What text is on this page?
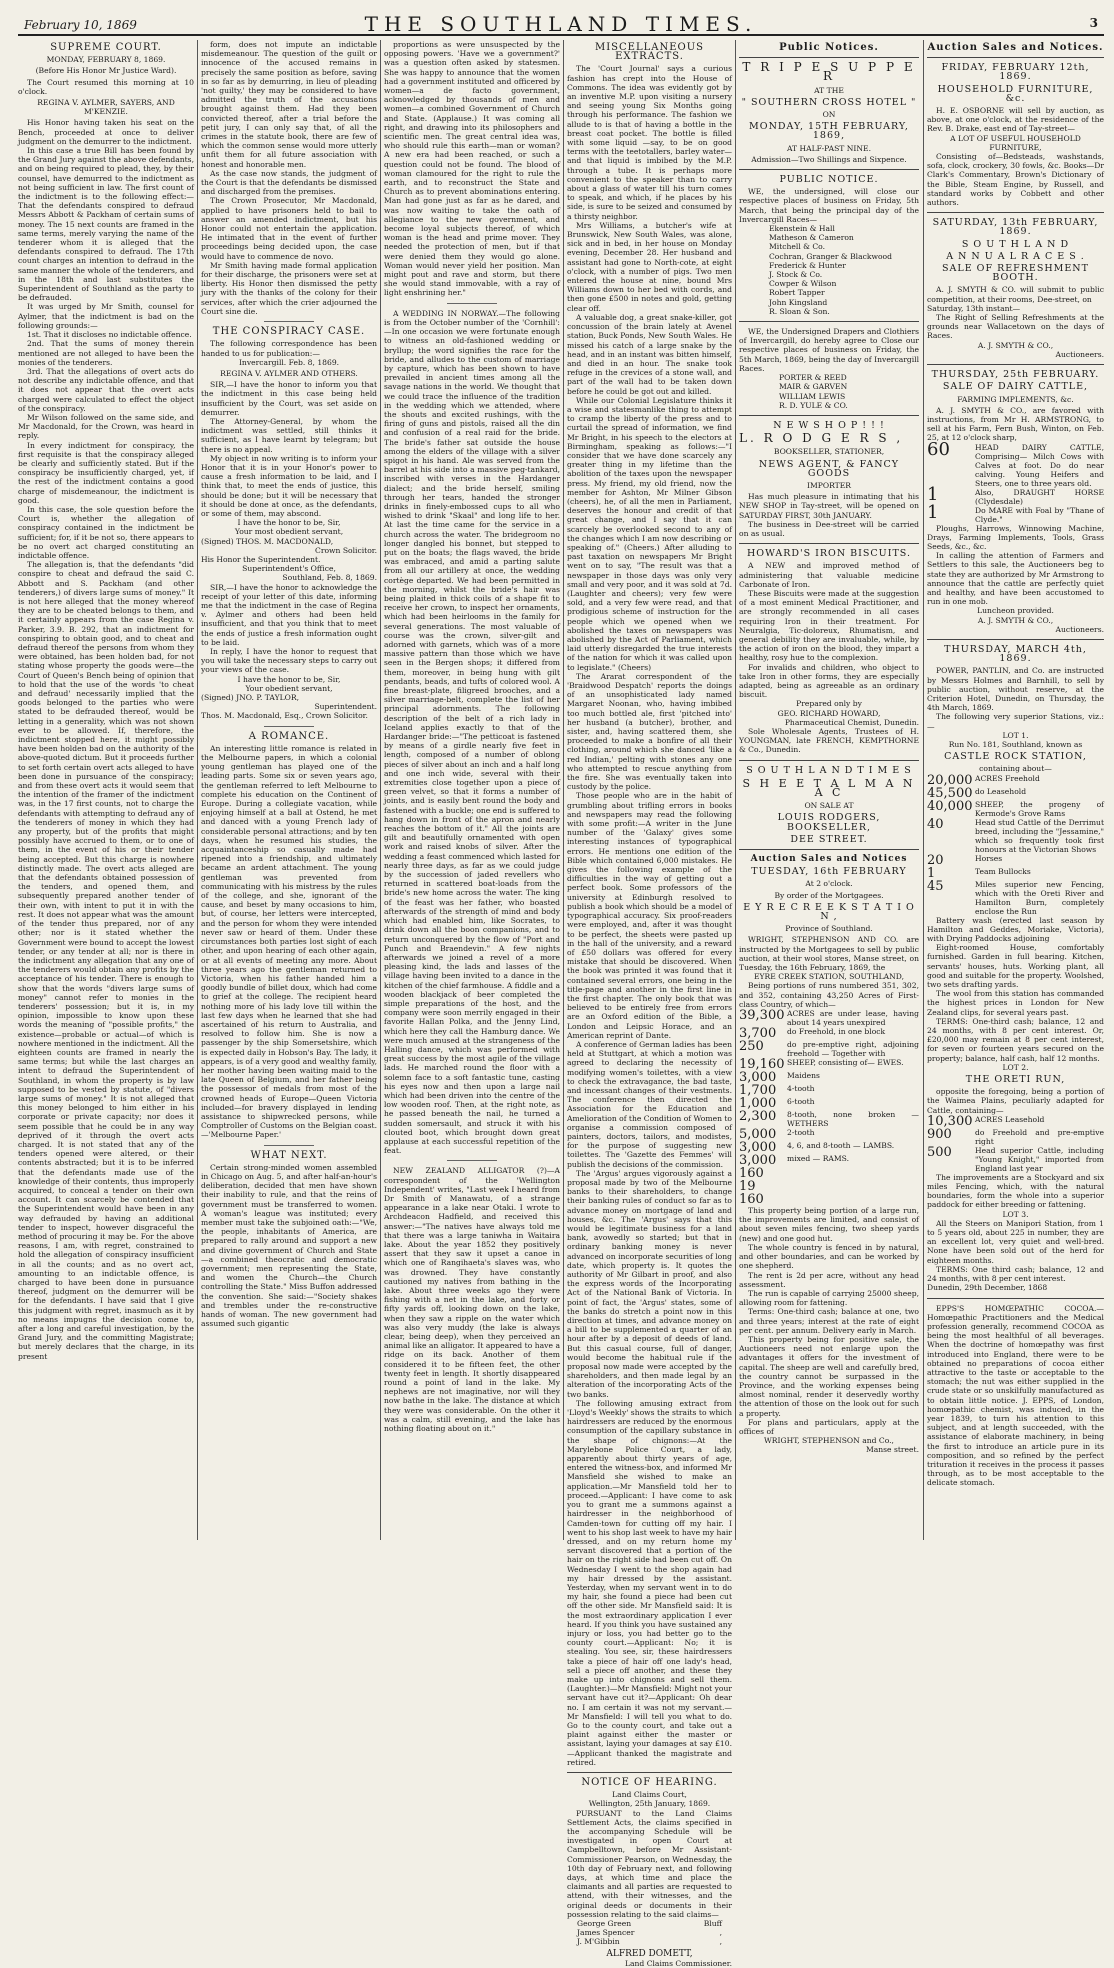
February 10, 1869	THE SOUTHLAND TIMES.	3
SUPREME COURT.
MONDAY, FEBRUARY 8, 1869.
(Before His Honor Mr Justice Ward).

The Court resumed this morning at 10 o'clock.

REGINA V. AYLMER, SAYERS, AND M'KENZIE.

His Honor having taken his seat on the Bench, proceeded at once to deliver judgment on the demurrer to the indictment.

In this case a true Bill has been found by the Grand Jury against the above defendants, and on being required to plead, they, by their counsel, have demurred to the indictment as not being sufficient in law. The first count of the indictment is to the following effect:—That the defendants conspired to defraud Messrs Abbott & Packham of certain sums of money. The 15 next counts are framed in the same terms, merely varying the name of the tenderer whom it is alleged that the defendants conspired to defraud. The 17th count charges an intention to defraud in the same manner the whole of the tenderers, and in the 18th and last substitutes the Superintendent of Southland as the party to be defrauded.

It was urged by Mr Smith, counsel for Aylmer, that the indictment is bad on the following grounds:—

1st. That it discloses no indictable offence.

2nd. That the sums of money therein mentioned are not alleged to have been the monies of the tenderers.

3rd. That the allegations of overt acts do not describe any indictable offence, and that it does not appear that the overt acts charged were calculated to effect the object of the conspiracy.

Mr Wilson followed on the same side, and Mr Macdonald, for the Crown, was heard in reply.

In every indictment for conspiracy, the first requisite is that the conspiracy alleged be clearly and sufficiently stated. But if the conspiracy be insufficiently charged, yet, if the rest of the indictment contains a good charge of misdemeanour, the indictment is good.

In this case, the sole question before the Court is, whether the allegation of conspiracy contained in the indictment be sufficient; for, if it be not so, there appears to be no overt act charged constituting an indictable offence.

The allegation is, that the defendants "did conspire to cheat and defraud the said C. Abbott and S. Packham (and other tenderers,) of divers large sums of money." It is not here alleged that the money whereof they are to be cheated belongs to them, and it certainly appears from the case Regina v. Parker, 3.9. B. 292, that an indictment for conspiring to obtain good, and to cheat and defraud thereof the persons from whom they were obtained, has been holden bad, for not stating whose property the goods were—the Court of Queen's Bench being of opinion that to hold that the use of the words 'to cheat and defraud' necessarily implied that the goods belonged to the parties who were stated to be defrauded thereof, would be letting in a generality, which was not shown ever to be allowed. If, therefore, the indictment stopped here, it might possibly have been holden bad on the authority of the above-quoted dictum. But it proceeds further to set forth certain overt acts alleged to have been done in pursuance of the conspiracy; and from these overt acts it would seem that the intention of the framer of the indictment was, in the 17 first counts, not to charge the defendants with attempting to defraud any of the tenderers of money in which they had any property, but of the profits that might possibly have accrued to them, or to one of them, in the event of his or their tender being accepted. But this charge is nowhere distinctly made. The overt acts alleged are that the defendants obtained possession of the tenders, and opened them, and subsequently prepared another tender of their own, with intent to put it in with the rest. It does not appear what was the amount of the tender thus prepared, nor of any other; nor is it stated whether the Government were bound to accept the lowest tender, or any tender at all; nor is there in the indictment any allegation that any one of the tenderers would obtain any profits by the acceptance of his tender. There is enough to show that the words "divers large sums of money" cannot refer to monies in the tenderers' possession; but it is, in my opinion, impossible to know upon these words the meaning of "possible profits," the existence—probable or actual—of which is nowhere mentioned in the indictment. All the eighteen counts are framed in nearly the same terms; but while the last charges an intent to defraud the Superintendent of Southland, in whom the property is by law supposed to be vested by statute, of "divers large sums of money." It is not alleged that this money belonged to him either in his corporate or private capacity; nor does it seem possible that he could be in any way deprived of it through the overt acts charged. It is not stated that any of the tenders opened were altered, or their contents abstracted; but it is to be inferred that the defendants made use of the knowledge of their contents, thus improperly acquired, to conceal a tender on their own account. It can scarcely be contended that the Superintendent would have been in any way defrauded by having an additional tender to inspect, however disgraceful the method of procuring it may be. For the above reasons, I am, with regret, constrained to hold the allegation of conspiracy insufficient in all the counts; and as no overt act, amounting to an indictable offence, is charged to have been done in pursuance thereof, judgment on the demurrer will be for the defendants. I have said that I give this judgment with regret, inasmuch as it by no means impugns the decision come to, after a long and careful investigation, by the Grand Jury, and the committing Magistrate; but merely declares that the charge, in its present

form, does not impute an indictable misdemeanour. The question of the guilt or innocence of the accused remains in precisely the same position as before, saving in so far as by demurring, in lieu of pleading 'not guilty,' they may be considered to have admitted the truth of the accusations brought against them. Had they been convicted thereof, after a trial before the petit jury, I can only say that, of all the crimes in the statute book, there are few of which the common sense would more utterly unfit them for all future association with honest and honorable men.

As the case now stands, the judgment of the Court is that the defendants be dismissed and discharged from the premises.

The Crown Prosecutor, Mr Macdonald, applied to have prisoners held to bail to answer an amended indictment, but his Honor could not entertain the application. He intimated that in the event of further proceedings being decided upon, the case would have to commence de novo.

Mr Smith having made formal application for their discharge, the prisoners were set at liberty. His Honor then dismissed the petty jury with the thanks of the colony for their services, after which the crier adjourned the Court sine die.

THE CONSPIRACY CASE.

The following correspondence has been handed to us for publication:—

Invercargill. Feb. 8, 1869.
REGINA V. AYLMER AND OTHERS.

SIR,—I have the honor to inform you that the indictment in this case being held insufficient by the Court, was set aside on demurrer.

The Attorney-General, by whom the indictment was settled, still thinks it sufficient, as I have learnt by telegram; but there is no appeal.

My object in now writing is to inform your Honor that it is in your Honor's power to cause a fresh information to be laid, and I think that, to meet the ends of justice, this should be done; but it will be necessary that it should be done at once, as the defendants, or some of them, may abscond.

I have the honor to be, Sir,
Your most obedient servant,
(Signed) THOS. M. MACDONALD,
Crown Solicitor.
His Honor the Superintendent.
Superintendent's Office,
Southland, Feb. 8, 1869.

SIR,—I have the honor to acknowledge the receipt of your letter of this date, informing me that the indictment in the case of Regina v. Aylmer and others had been held insufficient, and that you think that to meet the ends of justice a fresh information ought to be laid.

In reply, I have the honor to request that you will take the necessary steps to carry out your views of the case.

I have the honor to be, Sir,
Your obedient servant,
(Signed) JNO. P. TAYLOR,
Superintendent.
Thos. M. Macdonald, Esq., Crown Solicitor.
A ROMANCE.

An interesting little romance is related in the Melbourne papers, in which a colonial young gentleman has played one of the leading parts. Some six or seven years ago, the gentleman referred to left Melbourne to complete his education on the Continent of Europe. During a collegiate vacation, while enjoying himself at a ball at Ostend, he met and danced with a young French lady of considerable personal attractions; and by ten days, when he resumed his studies, the acquaintanceship so casually made had ripened into a friendship, and ultimately became an ardent attachment. The young gentleman was prevented from communicating with his mistress by the rules of the college, and she, ignorant of the cause, and beset by many occasions to him, but, of course, her letters were intercepted, and the person for whom they were intended never saw or heard of them. Under these circumstances both parties lost sight of each other, and upon hearing of each other again, or at all events of meeting any more. About three years ago the gentleman returned to Victoria, when his father handed him a goodly bundle of billet doux, which had come to grief at the college. The recipient heard nothing more of his lady love till within the last few days when he learned that she had ascertained of his return to Australia, and resolved to follow him. She is now a passenger by the ship Somersetshire, which is expected daily in Hobson's Bay. The lady, it appears, is of a very good and wealthy family, her mother having been waiting maid to the late Queen of Belgium, and her father being the possessor of medals from most of the crowned heads of Europe—Queen Victoria included—for bravery displayed in lending assistance to shipwrecked persons, while Comptroller of Customs on the Belgian coast.—'Melbourne Paper.'

WHAT NEXT.

Certain strong-minded women assembled in Chicago on Aug. 5, and after half-an-hour's deliberation, decided that men have shown their inability to rule, and that the reins of government must be transferred to women. A woman's league was instituted; every member must take the subjoined oath:—"We, the people, inhabitants of America, are prepared to rally around and support a new and divine government of Church and State—a combined theocratic and democratic government; men representing the State, and women the Church—the Church controlling the State." Miss Buffon addressed the convention. She said:—"Society shakes and trembles under the re-constructive hands of woman. The new government had assumed such gigantic

proportions as were unsuspected by the opposing powers. 'Have we a government?' was a question often asked by statesmen. She was happy to announce that the women had a government instituted and officered by women—a de facto government, acknowledged by thousands of men and women—a combined Government of Church and State. (Applause.) It was coming all right, and drawing into its philosophers and scientific men. The great central idea was, who should rule this earth—man or woman? A new era had been reached, or such a question could not be found. The blood of woman clamoured for the right to rule the earth, and to reconstruct the State and Church as to prevent abominations entering. Man had gone just as far as he dared, and was now waiting to take the oath of allegiance to the new government, and become loyal subjects thereof, of which woman is the head and prime mover. They needed the protection of men, but if that were denied them they would go alone. Woman would never yield her position. Man might pout and rave and storm, but there she would stand immovable, with a ray of light enshrining her."

A WEDDING IN NORWAY.—The following is from the October number of the 'Cornhill':—In one occasion we were fortunate enough to witness an old-fashioned wedding or bryllup; the word signifies the race for the bride, and alludes to the custom of marriage by capture, which has been shown to have prevailed in ancient times among all the savage nations in the world. We thought that we could trace the influence of the tradition in the wedding which we attended, where the shouts and excited rushings, with the firing of guns and pistols, raised all the din and confusion of a real raid for the bride. The bride's father sat outside the house among the elders of the village with a silver spigot in his hand. Ale was served from the barrel at his side into a massive peg-tankard, inscribed with verses in the Hardanger dialect; and the bride herself, smiling through her tears, handed the stronger drinks in finely-embossed cups to all who wished to drink "Skaal" and long life to her. At last the time came for the service in a church across the water. The bridegroom no longer dangled his bonnet, but stepped to put on the boats; the flags waved, the bride was embraced, and amid a parting salute from all our artillery at once, the wedding cortège departed. We had been permitted in the morning, whilst the bride's hair was being plaited in thick coils of a shape fit to receive her crown, to inspect her ornaments, which had been heirlooms in the family for several generations. The most valuable of course was the crown, silver-gilt and adorned with garnets, which was of a more massive pattern than those which we have seen in the Bergen shops; it differed from them, moreover, in being hung with gilt pendants, beads, and tufts of colored wool. A fine breast-plate, filigreed brooches, and a silver marriage-belt, complete the list of her principal adornments. The following description of the belt of a rich lady in Iceland applies exactly to that of the Hardanger bride:—"The petticoat is fastened by means of a girdle nearly five feet in length, composed of a number of oblong pieces of silver about an inch and a half long and one inch wide, several with their extremities close together upon a piece of green velvet, so that it forms a number of joints, and is easily bent round the body and fastened with a buckle; one end is suffered to hang down in front of the apron and nearly reaches the bottom of it." All the joints are gilt and beautifully ornamented with open work and raised knobs of silver. After the wedding a feast commenced which lasted for nearly three days, as far as we could judge by the succession of jaded revellers who returned in scattered boat-loads from the bride's new home across the water. The king of the feast was her father, who boasted afterwards of the strength of mind and body which had enabled him, like Socrates, to drink down all the boon companions, and to return unconquered by the flow of "Port and Punch and Braendevin." A few nights afterwards we joined a revel of a more pleasing kind, the lads and lasses of the village having been invited to a dance in the kitchen of the chief farmhouse. A fiddle and a wooden blackjack of beer completed the simple preparations of the host, and the company were soon merrily engaged in their favorite Hallan Polka, and the Jenny Lind, which here they call the Hamburg dance. We were much amused at the strangeness of the Halling dance, which was performed with great success by the most agile of the village lads. He marched round the floor with a solemn face to a soft fantastic tune, casting his eyes now and then upon a large nail which had been driven into the centre of the low wooden roof. Then, at the right note, as he passed beneath the nail, he turned a sudden somersault, and struck it with his clouted boot, which brought down great applause at each successful repetition of the feat.

NEW ZEALAND ALLIGATOR (?)—A correspondent of the 'Wellington Independent' writes, "Last week I heard from Dr Smith of Manawatu, of a strange appearance in a lake near Otaki. I wrote to Archdeacon Hadfield, and received this answer:—"The natives have always told me that there was a large taniwha in Waitaira lake. About the year 1852 they positively assert that they saw it upset a canoe in which one of Rangihaeta's slaves was, who was drowned. They have constantly cautioned my natives from bathing in the lake. About three weeks ago they were fishing with a net in the lake, and forty or fifty yards off, looking down on the lake, when they saw a ripple on the water which was also very muddy (the lake is always clear, being deep), when they perceived an animal like an alligator. It appeared to have a ridge on its back. Another of them considered it to be fifteen feet, the other twenty feet in length. It shortly disappeared round a point of land in the lake. My nephews are not imaginative, nor will they now bathe in the lake. The distance at which they were was considerable. On the other it was a calm, still evening, and the lake has nothing floating about on it."

MISCELLANEOUS EXTRACTS.

The 'Court Journal' says a curious fashion has crept into the House of Commons. The idea was evidently got by an inventive M.P. upon visiting a nursery and seeing young Six Months going through his performance. The fashion we allude to is that of having a bottle in the breast coat pocket. The bottle is filled with some liquid —say, to be on good terms with the teetotallers, barley water—and that liquid is imbibed by the M.P. through a tube. It is perhaps more convenient to the speaker than to carry about a glass of water till his turn comes to speak, and which, if he places by his side, is sure to be seized and consumed by a thirsty neighbor.

Mrs Williams, a butcher's wife at Brunswick, New South Wales, was alone, sick and in bed, in her house on Monday evening, December 28. Her husband and assistant had gone to North-cote, at eight o'clock, with a number of pigs. Two men entered the house at nine, bound Mrs Williams down to her bed with cords, and then gone £500 in notes and gold, getting clear off.

A valuable dog, a great snake-killer, got concussion of the brain lately at Avenel station, Buck Ponds, New South Wales. He missed his catch of a large snake by the head, and in an instant was bitten himself, and died in an hour. The snake took refuge in the crevices of a stone wall, and part of the wall had to be taken down before he could be got out and killed.

While our Colonial Legislature thinks it a wise and statesmanlike thing to attempt to cramp the liberty of the press and to curtail the spread of information, we find Mr Bright, in his speech to the electors at Birmingham, speaking as follows:—"I consider that we have done scarcely any greater thing in my lifetime than the abolition of the taxes upon the newspaper press. My friend, my old friend, now the member for Ashton, Mr Milner Gibson (cheers), he, of all the men in Parliament, deserves the honour and credit of that great change, and I say that it can scarcely be overlooked second to any of the changes which I am now describing or speaking of." (Cheers.) After alluding to past taxation on newspapers Mr Bright went on to say, "The result was that a newspaper in those days was only very small and very poor, and it was sold at 7d. (Laughter and cheers); very few were sold, and a very few were read, and that prodigious scheme of instruction for the people which we opened when we abolished the taxes on newspapers was abolished by the Act of Parliament, which laid utterly disregarded the true interests of the nation for which it was called upon to legislate." (Cheers)

The Ararat correspondent of the 'Braidwood Despatch' reports the doings of an unsophisticated lady named Margaret Noonan, who, having imbibed too much bottled ale, first 'pitched into' her husband (a butcher), brother, and sister, and, having scattered them, she proceeded to make a bonfire of all their clothing, around which she danced 'like a red Indian,' pelting with stones any one who attempted to rescue anything from the fire. She was eventually taken into custody by the police.

Those people who are in the habit of grumbling about trifling errors in books and newspapers may read the following with some profit:—A writer in the June number of the 'Galaxy' gives some interesting instances of typographical errors. He mentions one edition of the Bible which contained 6,000 mistakes. He gives the following example of the difficulties in the way of getting out a perfect book. Some professors of the university at Edinburgh resolved to publish a book which should be a model of typographical accuracy. Six proof-readers were employed, and, after it was thought to be perfect, the sheets were pasted up in the hall of the university, and a reward of £50 dollars was offered for every mistake that should be discovered. When the book was printed it was found that it contained several errors, one being in the title-page and another in the first line in the first chapter. The only book that was believed to be entirely free from errors are an Oxford edition of the Bible, a London and Leipsic Horace, and an American reprint of Dante.

A conference of German ladies has been held at Stuttgart, at which a motion was agreed to declaring the necessity of modifying women's toilettes, with a view to check the extravagance, the bad taste, and incessant changes of their vestments. The conference then directed the Association for the Education and Amelioration of the Condition of Women to organise a commission composed of painters, doctors, tailors, and modistes, for the purpose of suggesting new toilettes. The 'Gazette des Femmes' will publish the decisions of the commission.

The 'Argus' argues vigorously against a proposal made by two of the Melbourne banks to their shareholders, to change their banking rules of conduct so far as to advance money on mortgage of land and houses, &c. The 'Argus' says that this would be legitimate business for a land bank, avowedly so started; but that in ordinary banking money is never advanced on incorporate securities of long date, which property is. It quotes the authority of Mr Gilbart in proof, and also the express words of the Incorporating Act of the National Bank of Victoria. In point of fact, the 'Argus' states, some of the banks do stretch a point now in this direction at times, and advance money on a bill to be supplemented a quarter of an hour after by a deposit of deeds of land. But this casual course, full of danger, would become the habitual rule if the proposal now made were accepted by the shareholders, and then made legal by an alteration of the incorporating Acts of the two banks.

The following amusing extract from 'Lloyd's Weekly' shows the straits to which hairdressers are reduced by the enormous consumption of the capillary substance in the shape of chignons:—At the Marylebone Police Court, a lady, apparently about thirty years of age, entered the witness-box, and informed Mr Mansfield she wished to make an application.—Mr Mansfield told her to proceed.—Applicant: I have come to ask you to grant me a summons against a hairdresser in the neighborhood of Camden-town for cutting off my hair. I went to his shop last week to have my hair dressed, and on my return home my servant discovered that a portion of the hair on the right side had been cut off. On Wednesday I went to the shop again had my hair dressed by the assistant. Yesterday, when my servant went in to do my hair, she found a piece had been cut off the other side. Mr Mansfield said: It is the most extraordinary application I ever heard. If you think you have sustained any injury or loss, you had better go to the county court.—Applicant: No; it is stealing. You see, sir, these hairdressers take a piece of hair off one lady's head, sell a piece off another, and these they make up into chignons and sell them. (Laughter.)—Mr Mansfield: Might not your servant have cut it?—Applicant: Oh dear no. I am certain it was not my servant.—Mr Mansfield: I will tell you what to do. Go to the county court, and take out a plaint against either the master or assistant, laying your damages at say £10.—Applicant thanked the magistrate and retired.

NOTICE OF HEARING.
Land Claims Court,
Wellington, 25th January, 1869.

PURSUANT to the Land Claims Settlement Acts, the claims specified in the accompanying Schedule will be investigated in open Court at Campbelltown, before Mr Assistant-Commissioner Pearson, on Wednesday, the 10th day of February next, and following days, at which time and place the claimants and all parties are requested to attend, with their witnesses, and the original deeds or documents in their possession relating to the said claims—

George Green	Bluff
James Spencer	,
J. M'Gibbin	,
ALFRED DOMETT,
Land Claims Commissioner.
Public Notices.
T R I P E S U P P E R
AT THE
" SOUTHERN CROSS HOTEL "
ON
MONDAY, 15TH FEBRUARY, 1869,
AT HALF-PAST NINE.
Admission—Two Shillings and Sixpence.
PUBLIC NOTICE.

WE, the undersigned, will close our respective places of business on Friday, 5th March, that being the principal day of the Invercargill Races—

Ekenstein & Hall
Matheson & Cameron
Mitchell & Co.
Cochran, Granger & Blackwood
Frederick & Hunter
J. Stock & Co.
Cowper & Wilson
Robert Tapper
John Kingsland
R. Sloan & Son.

WE, the Undersigned Drapers and Clothiers of Invercargill, do hereby agree to Close our respective places of business on Friday, the 5th March, 1869, being the day of Invercargill Races.

PORTER & REED
MAIR & GARVEN
WILLIAM LEWIS
R. D. YULE & CO.
N E W S H O P ! ! !
L. R O D G E R S ,
BOOKSELLER, STATIONER,
NEWS AGENT, & FANCY GOODS
IMPORTER

Has much pleasure in intimating that his NEW SHOP in Tay-street, will be opened on SATURDAY FIRST, 30th JANUARY.

The business in Dee-street will be carried on as usual.

HOWARD'S IRON BISCUITS.

A NEW and improved method of administering that valuable medicine Carbonate of Iron.

These Biscuits were made at the suggestion of a most eminent Medical Practitioner, and are strongly recommended in all cases requiring Iron in their treatment. For Neuralgia, Tic-doloreux, Rhumatism, and general debility they are invaluable, while, by the action of iron on the blood, they impart a healthy, rosy hue to the complexion.

For invalids and children, who object to take Iron in other forms, they are especially adapted, being as agreeable as an ordinary biscuit.

Prepared only by
GEO. RICHARD HOWARD,
Pharmaceutical Chemist, Dunedin.

Sole Wholesale Agents, Trustees of H. YOUNGMAN, late FRENCH, KEMPTHORNE & Co., Dunedin.

S O U T H L A N D T I M E S
S H E E T A L M A N A C
ON SALE AT
LOUIS RODGERS, BOOKSELLER,
DEE STREET.
Auction Sales and Notices
TUESDAY, 16th FEBRUARY
At 2 o'clock.
By order of the Mortgagees.
E Y R E C R E E K S T A T I O N ,
Province of Southland.

WRIGHT, STEPHENSON AND CO. are instructed by the Mortgagees to sell by public auction, at their wool stores, Manse street, on Tuesday, the 16th February, 1869, the

EYRE CREEK STATION, SOUTHLAND,

Being portions of runs numbered 351, 302, and 352, containing 43,250 Acres of First-class Country, of which—

39,300 ACRES are under lease, having about 14 years unexpired
3,700	do Freehold, in one block
250	do pre-emptive right, adjoining freehold — Together with
19,160 SHEEP, consisting of— EWES.
3,000	Maidens
1,700	4-tooth
1,000	6-tooth
2,300	8-tooth, none broken — WETHERS
5,000	2-tooth
3,000	4, 6, and 8-tooth — LAMBS.
3,000	mixed — RAMS.
160
19 160

This property being portion of a large run, the improvements are limited, and consist of about seven miles fencing, two sheep yards (new) and one good hut.

The whole country is fenced in by natural, and other boundaries, and can be worked by one shepherd.

The rent is 2d per acre, without any head assessment.

The run is capable of carrying 25000 sheep, allowing room for fattening.

Terms: One-third cash; balance at one, two and three years; interest at the rate of eight per cent. per annum. Delivery early in March.

This property being for positive sale, the Auctioneers need not enlarge upon the advantages it offers for the investment of capital. The sheep are well and carefully bred, the country cannot be surpassed in the Province, and the working expenses being almost nominal, render it deservedly worthy the attention of those on the look out for such a property.

For plans and particulars, apply at the offices of

WRIGHT, STEPHENSON and Co.,
Manse street.
Auction Sales and Notices.
FRIDAY, FEBRUARY 12th, 1869.
HOUSEHOLD FURNITURE, &c.

H. E. OSBORNE will sell by auction, as above, at one o'clock, at the residence of the Rev. B. Drake, east end of Tay-street—

A LOT OF USEFUL HOUSEHOLD FURNITURE,

Consisting of—Bedsteads, washstands, sofa, clock, crockery, 30 fowls, &c. Books—Dr Clark's Commentary, Brown's Dictionary of the Bible, Steam Engine, by Russell, and standard works by Cobbett and other authors.

SATURDAY, 13th FEBRUARY, 1869.
S O U T H L A N D
A N N U A L R A C E S .
SALE OF REFRESHMENT BOOTH.

A. J. SMYTH & CO. will submit to public competition, at their rooms, Dee-street, on

Saturday, 13th instant—

The Right of Selling Refreshments at the grounds near Wallacetown on the days of Races.

A. J. SMYTH & CO.,
Auctioneers.
THURSDAY, 25th FEBRUARY.
SALE OF DAIRY CATTLE,
FARMING IMPLEMENTS, &c.

A. J. SMYTH & CO., are favored with instructions, from Mr H. ARMSTRONG, to sell at his Farm, Fern Bush, Winton, on Feb. 25, at 12 o'clock sharp,

60	HEAD DAIRY CATTLE, Comprising— Milch Cows with Calves at foot. Do do near calving. Young Heifers and Steers, one to three years old.
1	Also, DRAUGHT HORSE (Clydesdale)
1	Do MARE with Foal by "Thane of Clyde."

Ploughs, Harrows, Winnowing Machine, Drays, Farming Implements, Tools, Grass Seeds, &c., &c.

In calling the attention of Farmers and Settlers to this sale, the Auctioneers beg to state they are authorized by Mr Armstrong to announce that the cattle are perfectly quiet and healthy, and have been accustomed to run in one mob.

Luncheon provided.
A. J. SMYTH & CO.,
Auctioneers.
THURSDAY, MARCH 4th, 1869.

POWER, PANTLIN, and Co. are instructed by Messrs Holmes and Barnhill, to sell by public auction, without reserve, at the Criterion Hotel, Dunedin, on Thursday, the 4th March, 1869.

The following very superior Stations, viz.:—

LOT 1.
Run No. 181, Southland, known as
CASTLE ROCK STATION,
containing about—
20,000 ACRES Freehold
45,500 do Leasehold
40,000 SHEEP, the progeny of Kermode's Grove Rams
40	Head stud Cattle of the Derrimut breed, including the "Jessamine," which so frequently took first honours at the Victorian Shows
20	Horses
1	Team Bullocks
45	Miles superior new Fencing, which with the Oreti River and Hamilton Burn, completely enclose the Run

Battery wash (erected last season by Hamilton and Geddes, Moriake, Victoria), with Drying Paddocks adjoining

Eight-roomed House, comfortably furnished. Garden in full bearing. Kitchen, servants' houses, huts. Working plant, all good and suitable for the property. Woolshed, two sets drafting yards.

The wool from this station has commanded the highest prices in London for New Zealand clips, for several years past.

TERMS: One-third cash; balance, 12 and 24 months, with 8 per cent interest. Or, £20,000 may remain at 8 per cent interest, for seven or fourteen years secured on the property; balance, half cash, half 12 months.

LOT 2.
THE ORETI RUN,

opposite the foregoing, being a portion of the Waimea Plains, peculiarly adapted for Cattle, containing—

10,300 ACRES Leasehold
900	do Freehold and pre-emptive right
500	Head superior Cattle, including "Young Knight," imported from England last year

The improvements are a Stockyard and six miles Fencing, which, with the natural boundaries, form the whole into a superior paddock for either breeding or fattening.

LOT 3.

All the Steers on Manipori Station, from 1 to 5 years old, about 225 in number, they are an excellent lot, very quiet and well-bred. None have been sold out of the herd for eighteen months.

TERMS: One third cash; balance, 12 and 24 months, with 8 per cent interest.

Dunedin, 29th December, 1868

EPPS'S HOMŒPATHIC COCOA.—Homœpathic Practitioners and the Medical profession generally, recommend COCOA as being the most healthful of all beverages. When the doctrine of homœpathy was first introduced into England, there were to be obtained no preparations of cocoa either attractive to the taste or acceptable to the stomach; the nut was either supplied in the crude state or so unskilfully manufactured as to obtain little notice. J. EPPS, of London, homœpathic chemist, was induced, in the year 1839, to turn his attention to this subject, and at length succeeded, with the assistance of elaborate machinery, in being the first to introduce an article pure in its composition, and so refined by the perfect trituration it receives in the process it passes through, as to be most acceptable to the delicate stomach.
